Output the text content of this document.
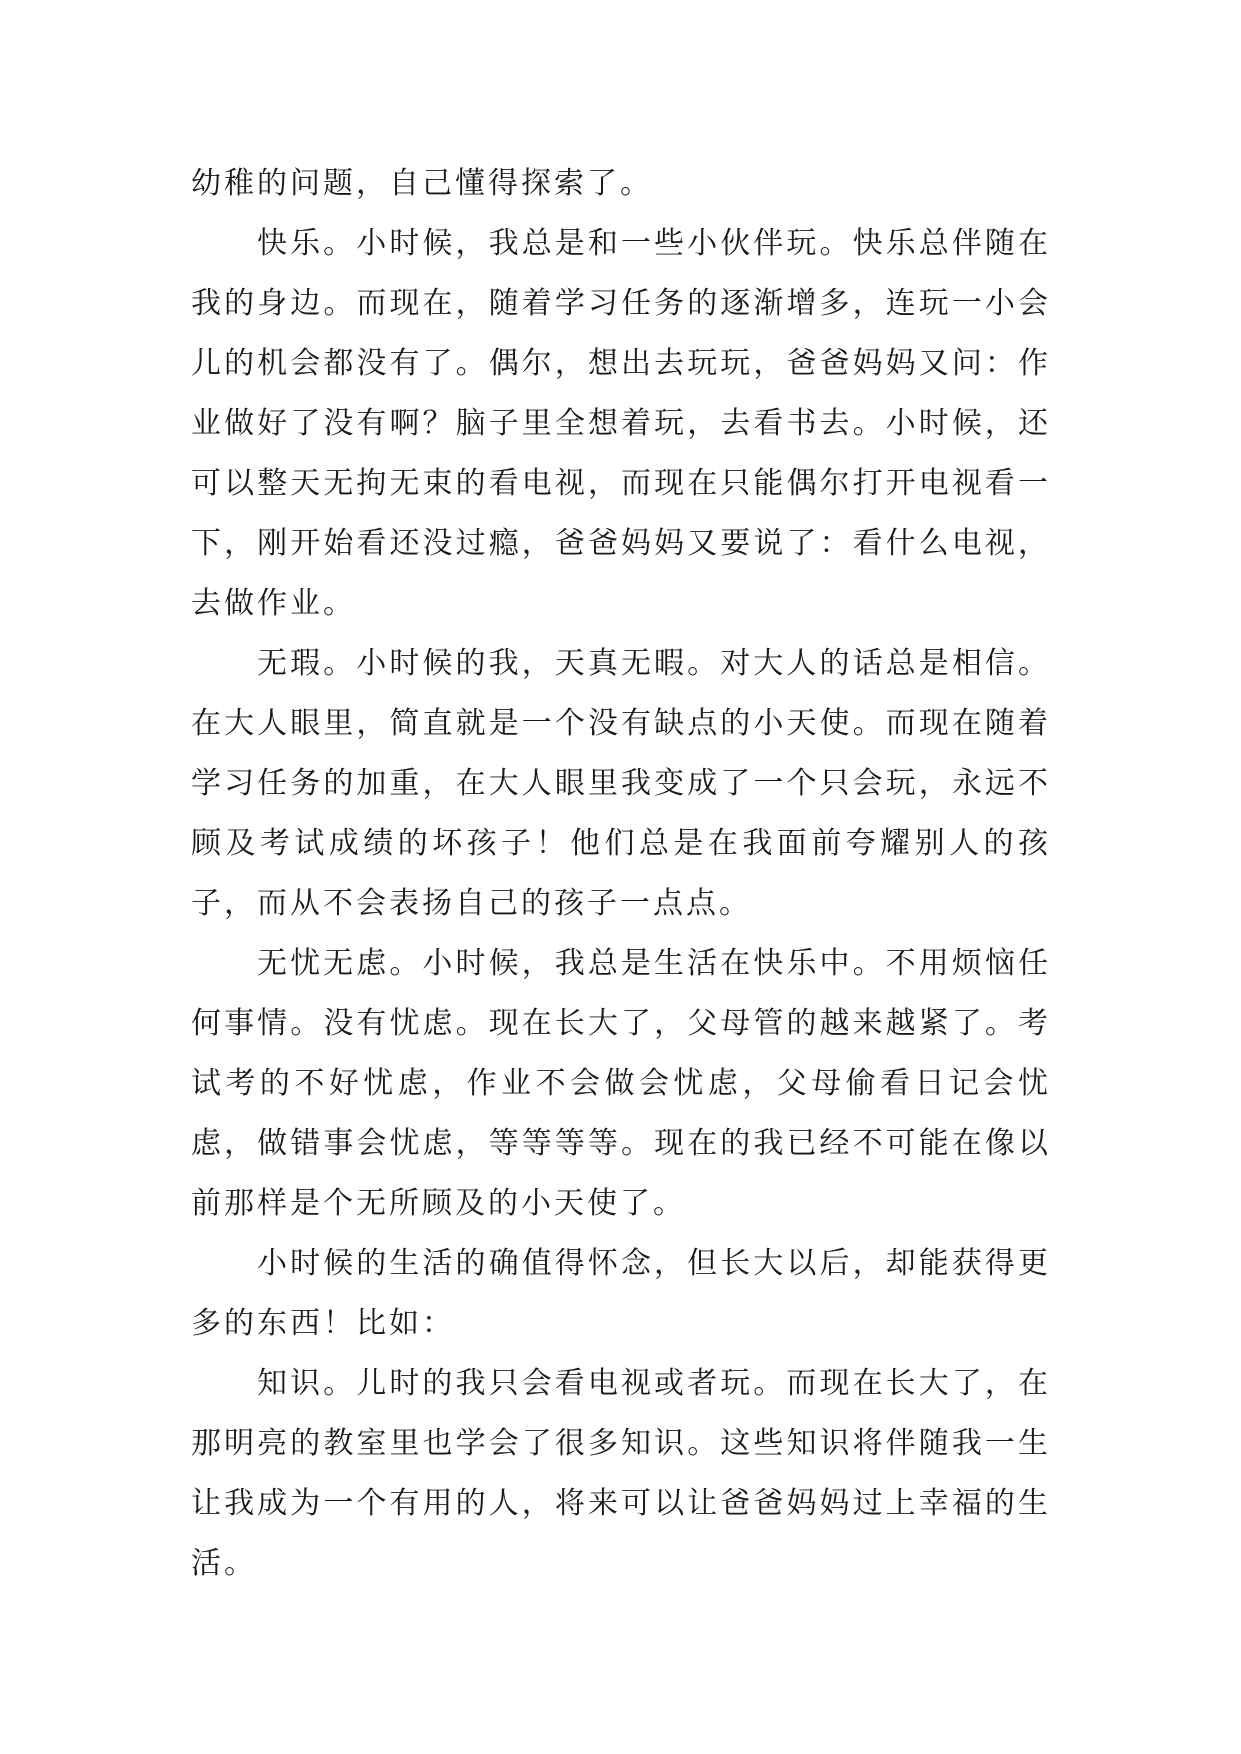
幼稚的问题，自己懂得探索了。

快乐。小时候，我总是和一些小伙伴玩。快乐总伴随在我的身边。而现在，随着学习任务的逐渐增多，连玩一小会儿的机会都没有了。偶尔，想出去玩玩，爸爸妈妈又问：作业做好了没有啊？脑子里全想着玩，去看书去。小时候，还可以整天无拘无束的看电视，而现在只能偶尔打开电视看一下，刚开始看还没过瘾，爸爸妈妈又要说了：看什么电视，去做作业。

无瑕。小时候的我，天真无暇。对大人的话总是相信。在大人眼里，简直就是一个没有缺点的小天使。而现在随着学习任务的加重，在大人眼里我变成了一个只会玩，永远不顾及考试成绩的坏孩子！他们总是在我面前夸耀别人的孩子，而从不会表扬自己的孩子一点点。

无忧无虑。小时候，我总是生活在快乐中。不用烦恼任何事情。没有忧虑。现在长大了，父母管的越来越紧了。考试考的不好忧虑，作业不会做会忧虑，父母偷看日记会忧虑，做错事会忧虑，等等等等。现在的我已经不可能在像以前那样是个无所顾及的小天使了。

小时候的生活的确值得怀念，但长大以后，却能获得更多的东西！比如：

知识。儿时的我只会看电视或者玩。而现在长大了，在那明亮的教室里也学会了很多知识。这些知识将伴随我一生让我成为一个有用的人，将来可以让爸爸妈妈过上幸福的生活。
